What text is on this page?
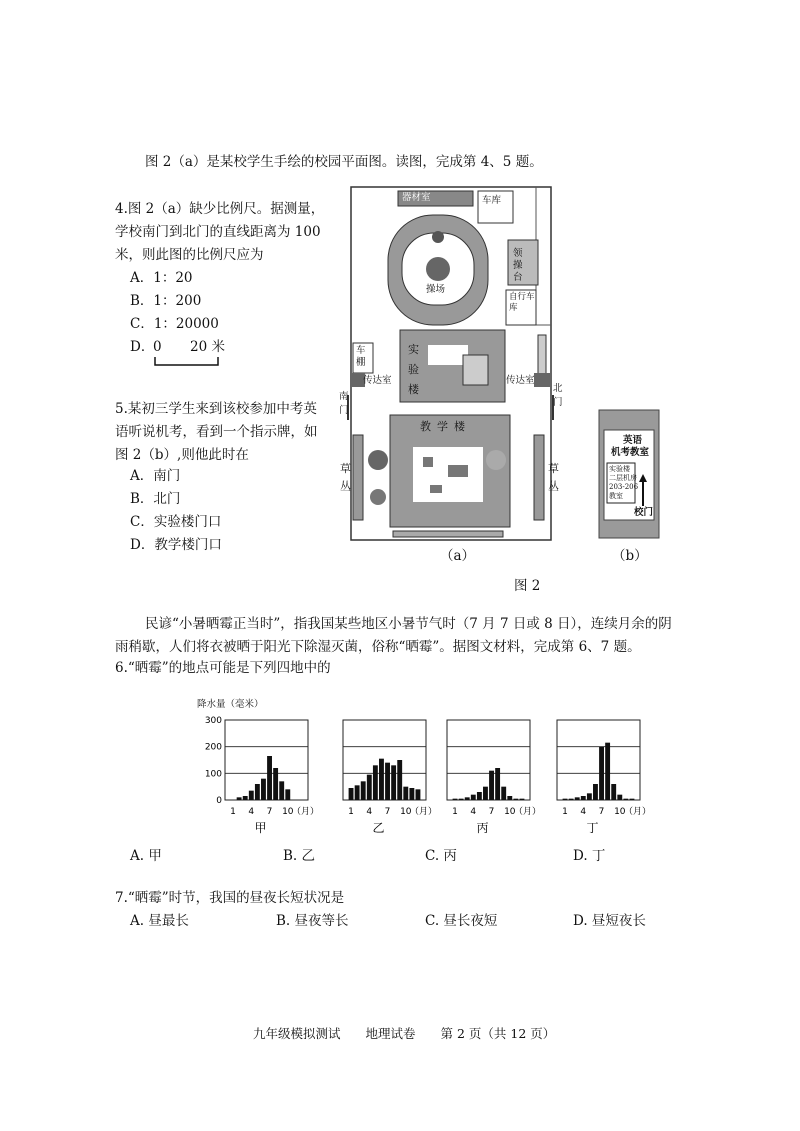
图 2（a）是某校学生手绘的校园平面图。读图，完成第 4、5 题。
4.图 2（a）缺少比例尺。据测量，
学校南门到北门的直线距离为 100
米，则此图的比例尺应为
A．1：20
B．1：200
C．1：20000
D．
0 20 米
5.某初三学生来到该校参加中考英
语听说机考，看到一个指示牌，如
图 2（b）,则他此时在
A．南门
B．北门
C．实验楼门口
D．教学楼门口
器材室	车库
操场
领操台
自行车库
车棚
实验楼
传达室	传达室
南门
北门
教学楼
草丛
草丛
（a）
英语
机考教室
实验楼
二层机房
203-206
教室
校门
（b）
图 2
民谚“小暑晒霉正当时”，指我国某些地区小暑节气时（7 月 7 日或 8 日），连续月余的阴
雨稍歇，人们将衣被晒于阳光下除湿灭菌，俗称“晒霉”。据图文材料，完成第 6、7 题。
6.“晒霉”的地点可能是下列四地中的
降水量（毫米）
0
100
200
300
1 4 7 10
（月）
甲
1 4 7 10
（月）
乙
1 4 7 10
（月）
丙
1 4 7 10
（月）
丁
A. 甲	B. 乙	C. 丙	D. 丁
7.“晒霉”时节，我国的昼夜长短状况是
A. 昼最长	B. 昼夜等长	C. 昼长夜短	D. 昼短夜长
九年级模拟测试　　地理试卷　　第 2 页（共 12 页）
